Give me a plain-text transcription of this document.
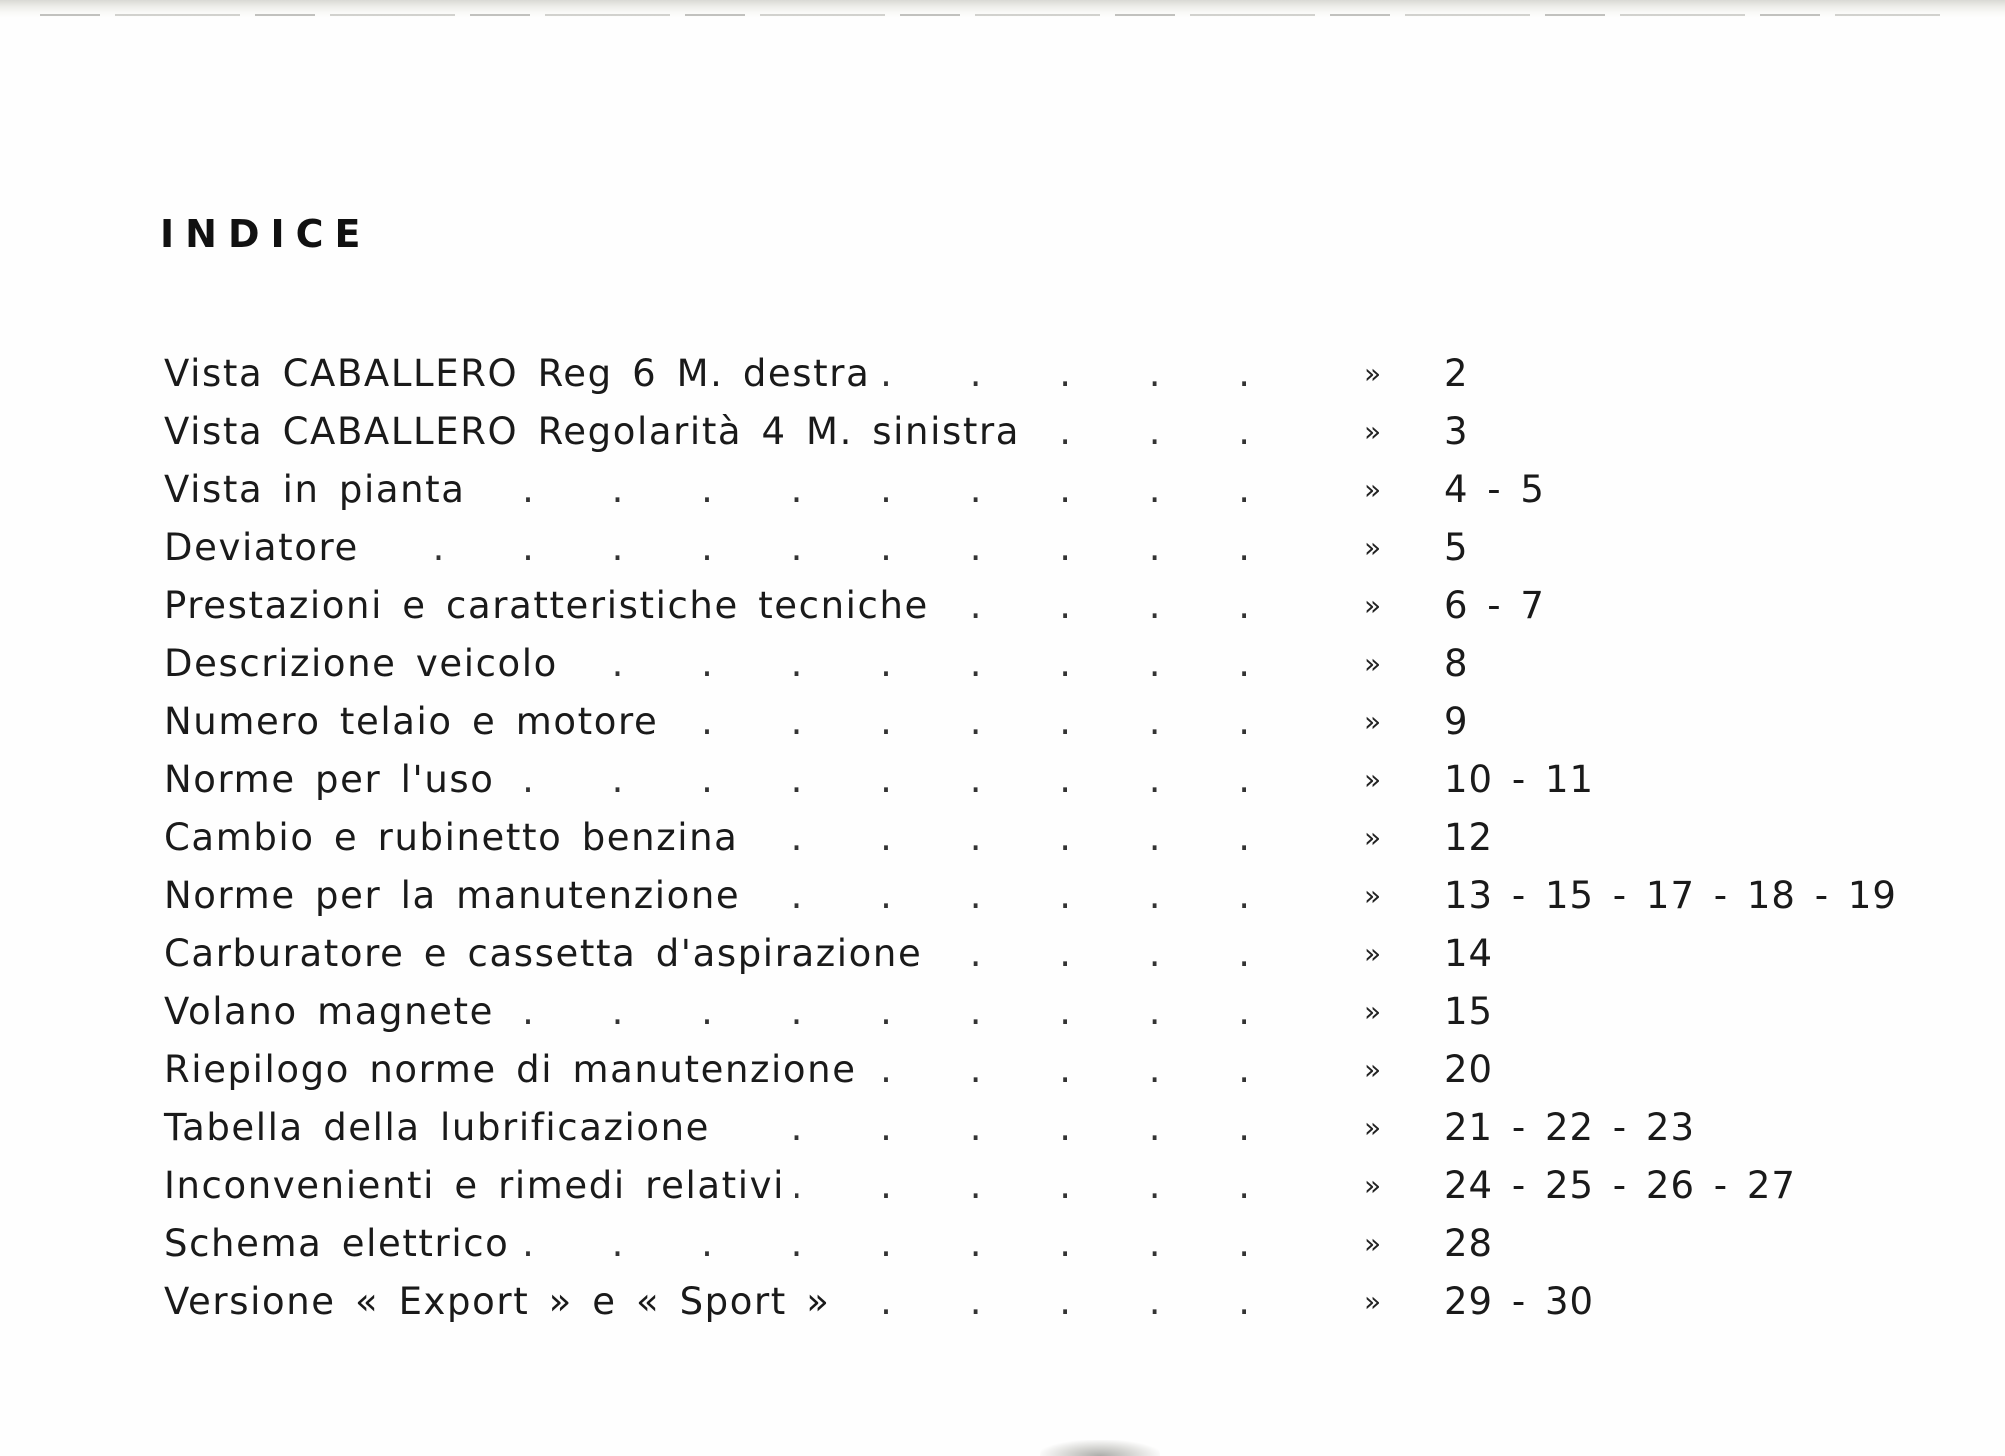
INDICE
. . .
Vista CABALLERO Reg 6 M. destra	» 2
. . .
Vista CABALLERO Regolarità 4 M. sinistra	» 3
. . .
Vista in pianta	» 4 - 5
. . .
Deviatore	» 5
. . .
Prestazioni e caratteristiche tecniche	» 6 - 7
. . .
Descrizione veicolo	» 8
. . .
Numero telaio e motore	» 9
. . .
Norme per l'uso	» 10 - 11
. . .
Cambio e rubinetto benzina	» 12
. . .
Norme per la manutenzione	» 13 - 15 - 17 - 18 - 19
. . .
Carburatore e cassetta d'aspirazione	» 14
. . .
Volano magnete	» 15
. . .
Riepilogo norme di manutenzione	» 20
. . .
Tabella della lubrificazione	» 21 - 22 - 23
. . .
Inconvenienti e rimedi relativi	» 24 - 25 - 26 - 27
. . .
Schema elettrico	» 28
. . .
Versione « Export » e « Sport »	» 29 - 30
